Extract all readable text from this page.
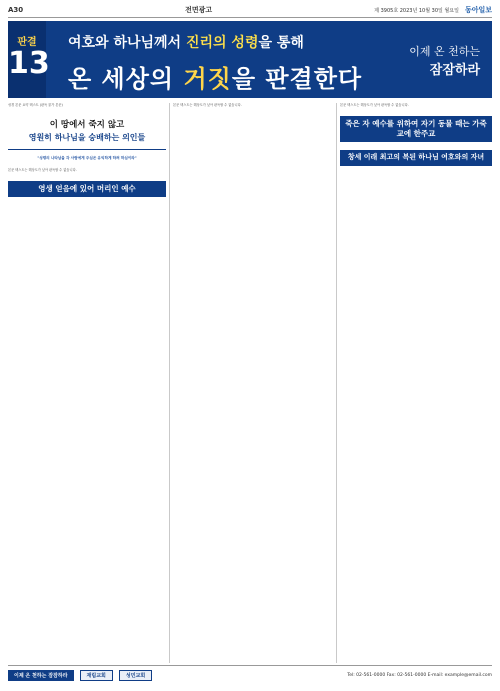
A30	전면광고	제 3905호 2023년 10월 30일 월요일 동아일보
판결
13
여호와 하나님께서 진리의 성령을 통해
온 세상의 거짓을 판결한다
이제 온 천하는
잠잠하라
성경 본문 요약 텍스트 (판독 불가 본문)
이 땅에서 죽지 않고
영원히 하나님을 숭배하는 의인들
"성령의 나타남을 각 사람에게 주심은 유익하게 하려 하심이라"
본문 텍스트는 해상도가 낮아 판독할 수 없습니다.
영생 얻음에 있어 머리인 예수
본문 텍스트는 해상도가 낮아 판독할 수 없습니다.	본문 텍스트는 해상도가 낮아 판독할 수 없습니다.
죽은 자 예수를 위하여 자기 동물 때는 가죽교에 한주교
창세 이래 최고의 복된 하나님 여호와의 자녀
이제 온 천하는 잠잠하라	재림교회	성민교회	Tel: 02-561-0000 Fax: 02-561-0000 E-mail: example@email.com
